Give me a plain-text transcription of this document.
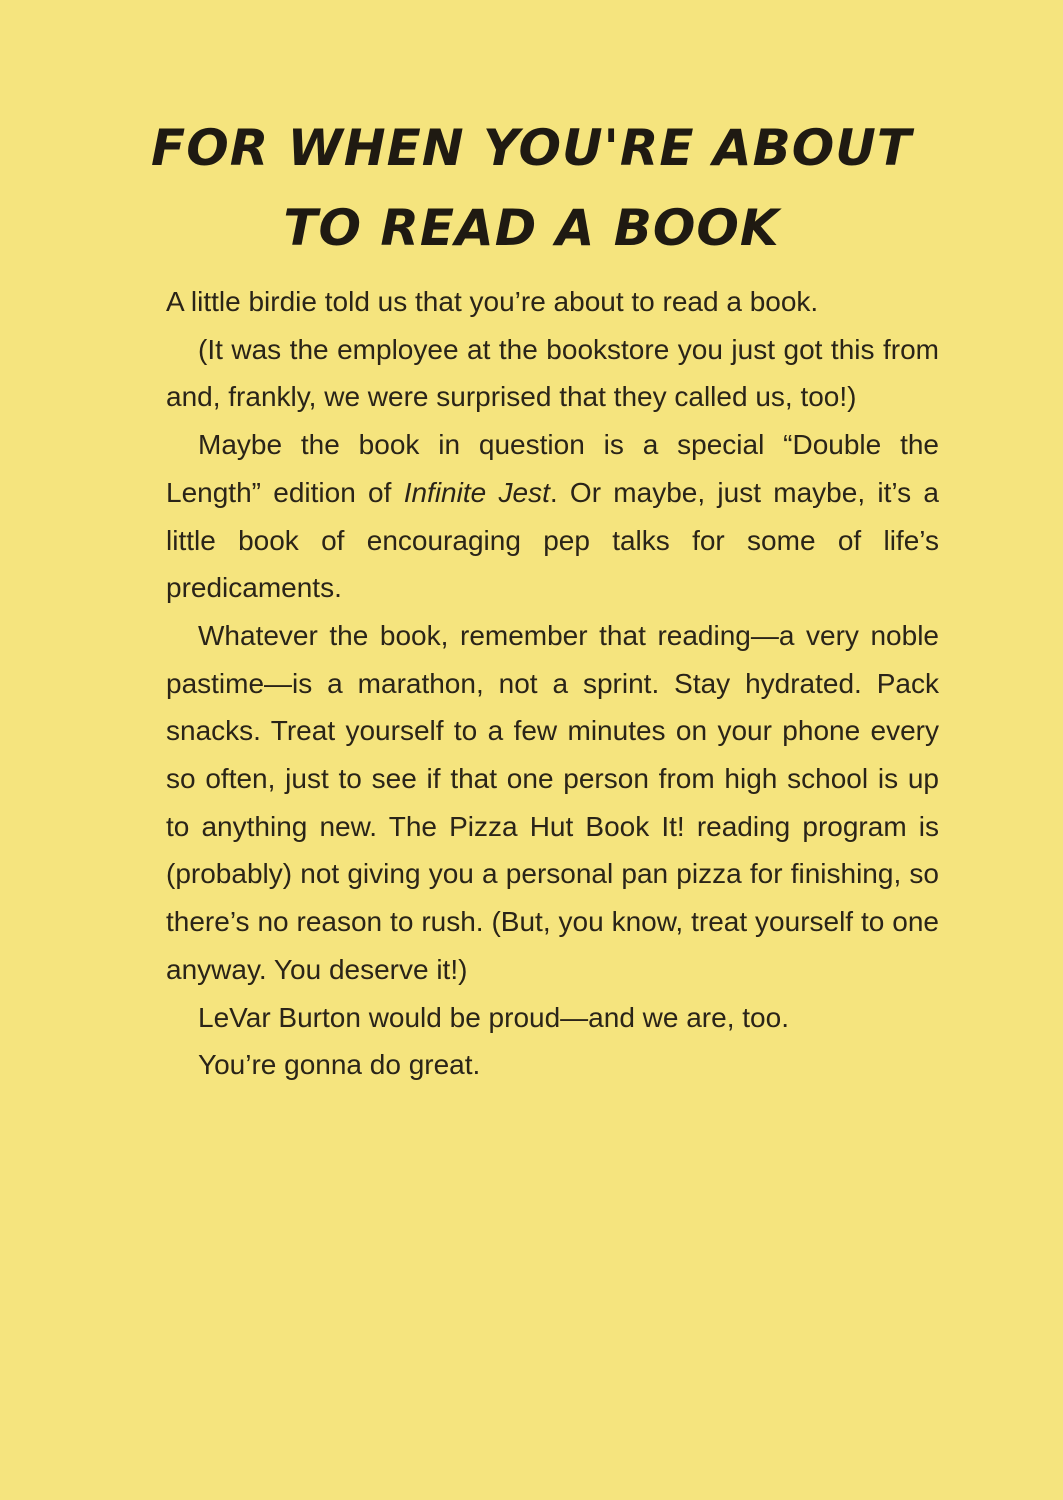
FOR WHEN YOU'RE ABOUT
TO READ A BOOK

A little birdie told us that you’re about to read a book.

(It was the employee at the bookstore you just got this from and, frankly, we were surprised that they called us, too!)

Maybe the book in question is a special “Double the Length” edition of Infinite Jest. Or maybe, just maybe, it’s a little book of encouraging pep talks for some of life’s predicaments.

Whatever the book, remember that reading—a very noble pastime—is a marathon, not a sprint. Stay hydrated. Pack snacks. Treat yourself to a few minutes on your phone every so often, just to see if that one person from high school is up to anything new. The Pizza Hut Book It! reading program is (probably) not giving you a personal pan pizza for finishing, so there’s no reason to rush. (But, you know, treat yourself to one anyway. You deserve it!)

LeVar Burton would be proud—and we are, too.

You’re gonna do great.
